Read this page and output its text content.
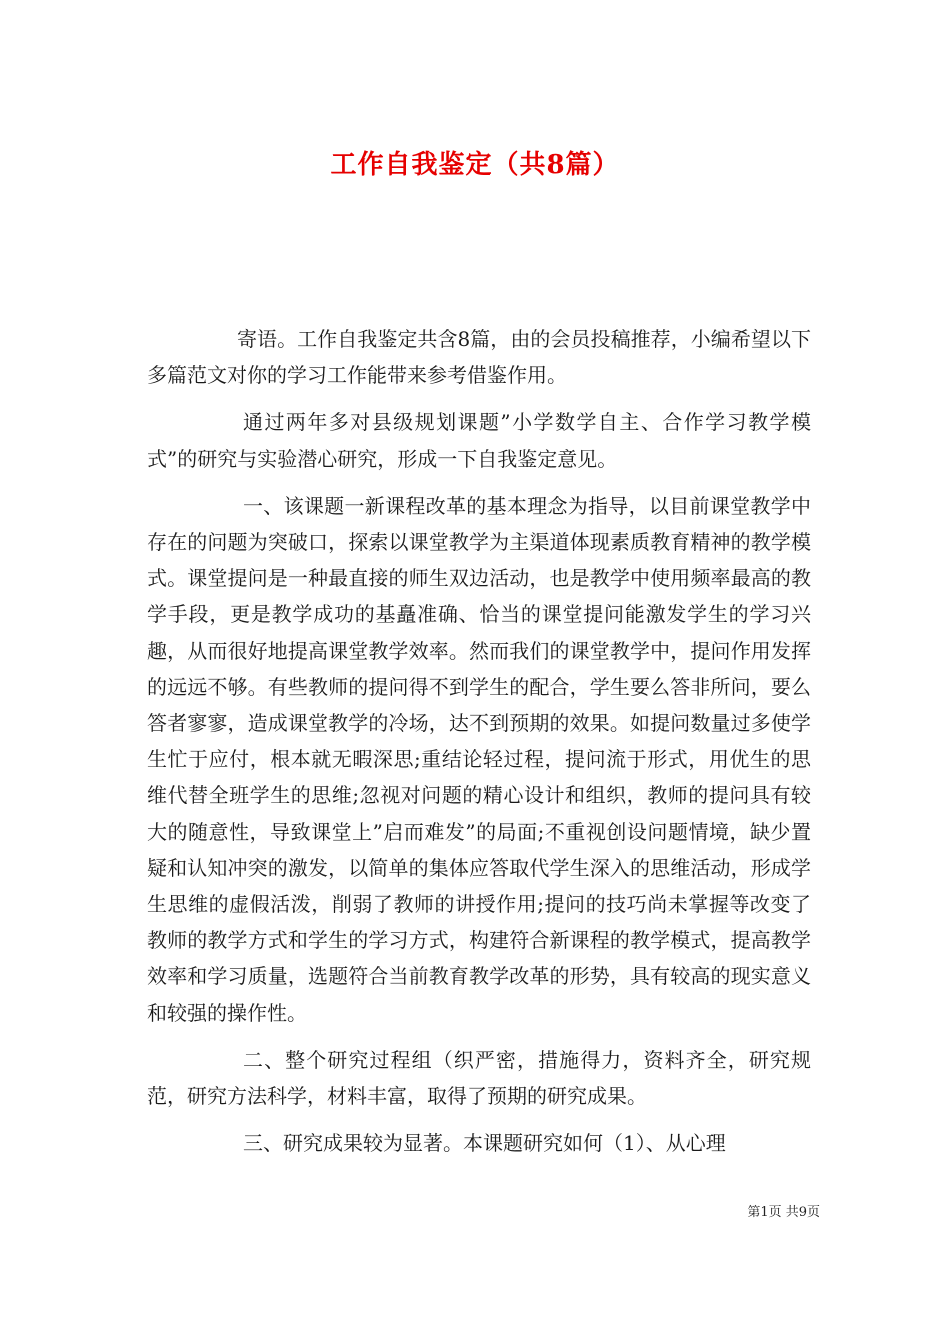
工作自我鉴定（共8篇）

寄语。工作自我鉴定共含8篇，由的会员投稿推荐，小编希望以下多篇范文对你的学习工作能带来参考借鉴作用。

通过两年多对县级规划课题”小学数学自主、合作学习教学模式”的研究与实验潜心研究，形成一下自我鉴定意见。

一、该课题一新课程改革的基本理念为指导，以目前课堂教学中存在的问题为突破口，探索以课堂教学为主渠道体现素质教育精神的教学模式。课堂提问是一种最直接的师生双边活动，也是教学中使用频率最高的教学手段，更是教学成功的基矗准确、恰当的课堂提问能激发学生的学习兴趣，从而很好地提高课堂教学效率。然而我们的课堂教学中，提问作用发挥的远远不够。有些教师的提问得不到学生的配合，学生要么答非所问，要么答者寥寥，造成课堂教学的冷场，达不到预期的效果。如提问数量过多使学生忙于应付，根本就无暇深思;重结论轻过程，提问流于形式，用优生的思维代替全班学生的思维;忽视对问题的精心设计和组织，教师的提问具有较大的随意性，导致课堂上”启而难发”的局面;不重视创设问题情境，缺少置疑和认知冲突的激发，以简单的集体应答取代学生深入的思维活动，形成学生思维的虚假活泼，削弱了教师的讲授作用;提问的技巧尚未掌握等改变了教师的教学方式和学生的学习方式，构建符合新课程的教学模式，提高教学效率和学习质量，选题符合当前教育教学改革的形势，具有较高的现实意义和较强的操作性。

二、整个研究过程组（织严密，措施得力，资料齐全，研究规范，研究方法科学，材料丰富，取得了预期的研究成果。

三、研究成果较为显著。本课题研究如何（1）、从心理

第1页 共9页
